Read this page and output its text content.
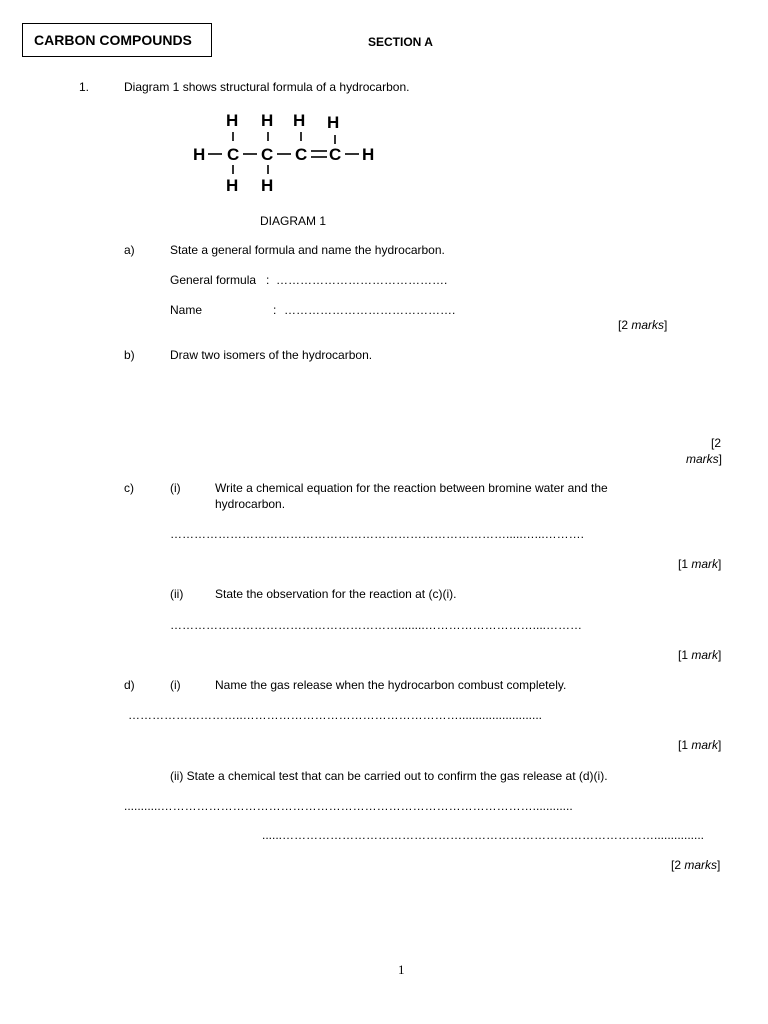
CARBON COMPOUNDS	SECTION A
1.	Diagram 1 shows structural formula of a hydrocarbon.
H H H H
H C C C C H
H H
DIAGRAM 1
a)	State a general formula and name the hydrocarbon.
General formula : …………………………………….
Name	: …………………………………….
[2 marks]
b)	Draw two isomers of the hydrocarbon.
[2
marks]
c)	(i)	Write a chemical equation for the reaction between bromine water and the
hydrocarbon.
………………………………………………………………………….....…...……….
[1 mark]
(ii)	State the observation for the reaction at (c)(i).
…………………………………………………........………………………....………
[1 mark]
d)	(i)	Name the gas release when the hydrocarbon combust completely.
………………………..……………………………………………….........................
[1 mark]
(ii) State a chemical test that can be carried out to confirm the gas release at (d)(i).
...........…………………………………………………………………………………............
......…………………………………………………………………………………...............
[2 marks]
1
